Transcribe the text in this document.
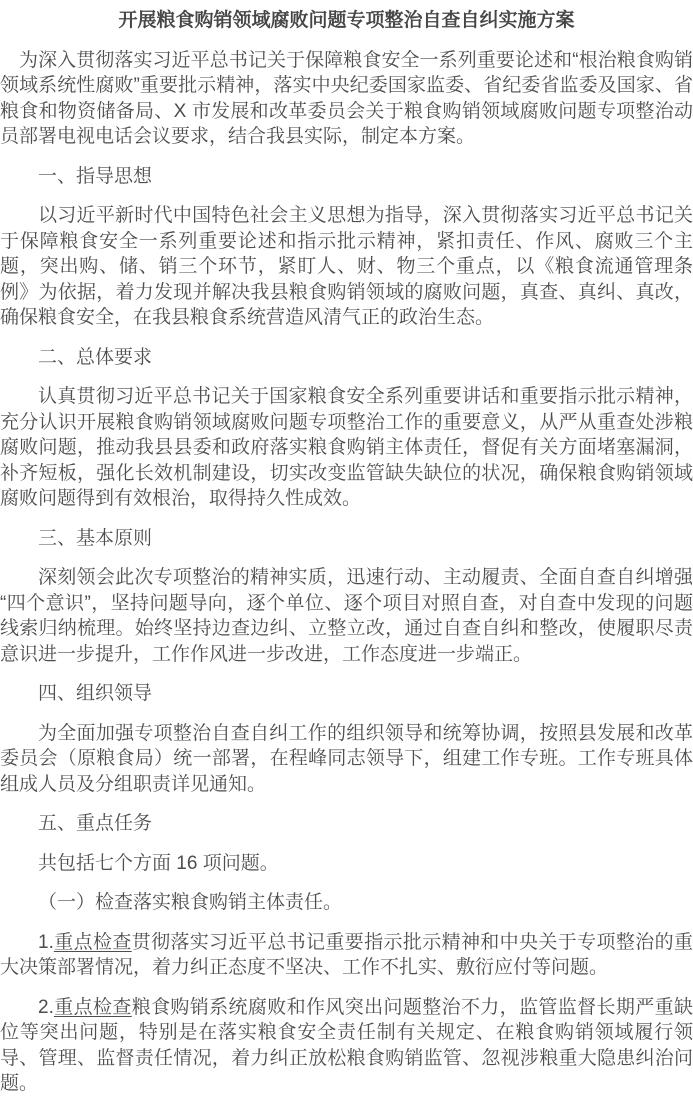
开展粮食购销领域腐败问题专项整治自查自纠实施方案

为深入贯彻落实习近平总书记关于保障粮食安全一系列重要论述和“根治粮食购销领域系统性腐败”重要批示精神，落实中央纪委国家监委、省纪委省监委及国家、省粮食和物资储备局、X 市发展和改革委员会关于粮食购销领域腐败问题专项整治动员部署电视电话会议要求，结合我县实际，制定本方案。

一、指导思想

以习近平新时代中国特色社会主义思想为指导，深入贯彻落实习近平总书记关于保障粮食安全一系列重要论述和指示批示精神，紧扣责任、作风、腐败三个主题，突出购、储、销三个环节，紧盯人、财、物三个重点，以《粮食流通管理条例》为依据，着力发现并解决我县粮食购销领域的腐败问题，真查、真纠、真改，确保粮食安全，在我县粮食系统营造风清气正的政治生态。

二、总体要求

认真贯彻习近平总书记关于国家粮食安全系列重要讲话和重要指示批示精神，充分认识开展粮食购销领域腐败问题专项整治工作的重要意义，从严从重查处涉粮腐败问题，推动我县县委和政府落实粮食购销主体责任，督促有关方面堵塞漏洞，补齐短板，强化长效机制建设，切实改变监管缺失缺位的状况，确保粮食购销领域腐败问题得到有效根治，取得持久性成效。

三、基本原则

深刻领会此次专项整治的精神实质，迅速行动、主动履责、全面自查自纠增强“四个意识”，坚持问题导向，逐个单位、逐个项目对照自查，对自查中发现的问题线索归纳梳理。始终坚持边查边纠、立整立改，通过自查自纠和整改，使履职尽责意识进一步提升，工作作风进一步改进，工作态度进一步端正。

四、组织领导

为全面加强专项整治自查自纠工作的组织领导和统筹协调，按照县发展和改革委员会（原粮食局）统一部署，在程峰同志领导下，组建工作专班。工作专班具体组成人员及分组职责详见通知。

五、重点任务

共包括七个方面 16 项问题。

（一）检查落实粮食购销主体责任。

1.重点检查贯彻落实习近平总书记重要指示批示精神和中央关于专项整治的重大决策部署情况，着力纠正态度不坚决、工作不扎实、敷衍应付等问题。

2.重点检查粮食购销系统腐败和作风突出问题整治不力，监管监督长期严重缺位等突出问题，特别是在落实粮食安全责任制有关规定、在粮食购销领域履行领导、管理、监督责任情况，着力纠正放松粮食购销监管、忽视涉粮重大隐患纠治问题。
